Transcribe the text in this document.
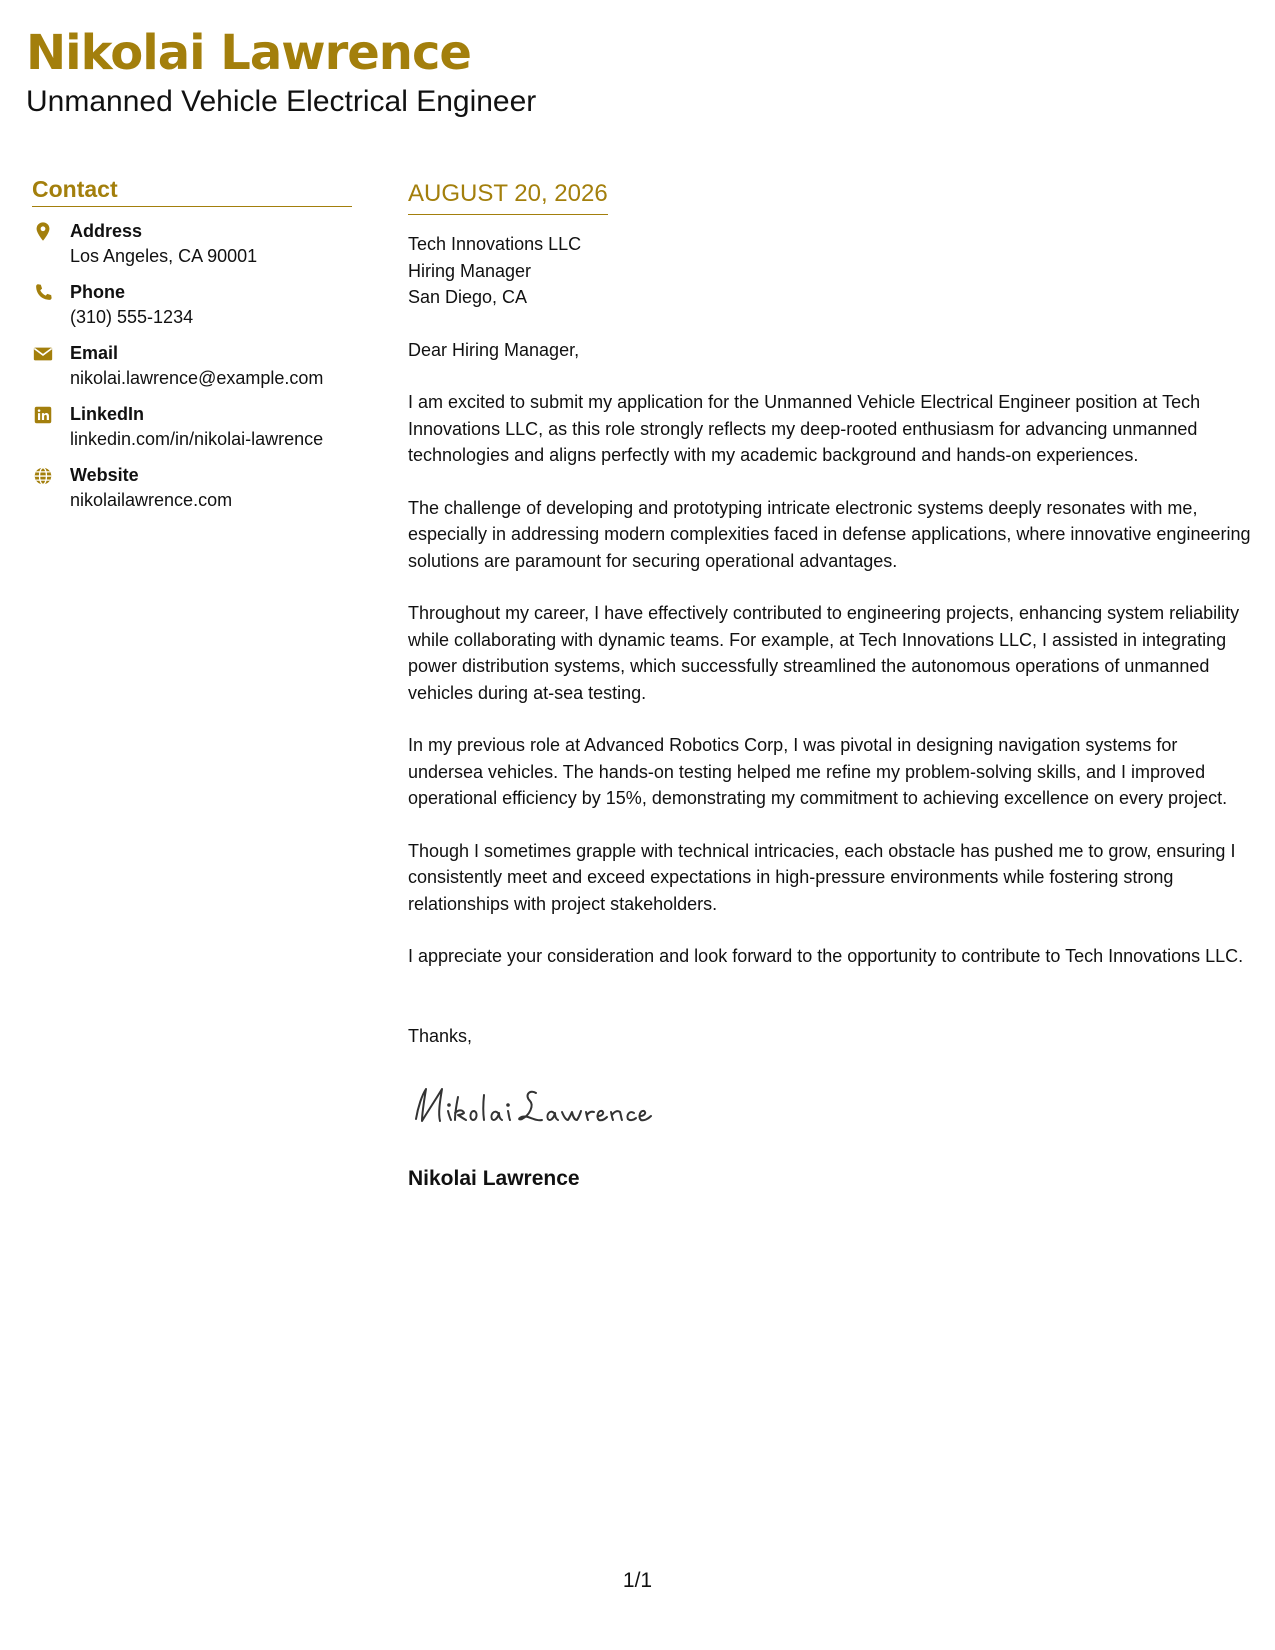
Nikolai Lawrence

Unmanned Vehicle Electrical Engineer

Contact
Address
Los Angeles, CA 90001
Phone
(310) 555-1234
Email
nikolai.lawrence@example.com
LinkedIn
linkedin.com/in/nikolai-lawrence
Website
nikolailawrence.com
AUGUST 20, 2026

Tech Innovations LLC

Hiring Manager

San Diego, CA

Dear Hiring Manager,

I am excited to submit my application for the Unmanned Vehicle Electrical Engineer position at Tech Innovations LLC, as this role strongly reflects my deep-rooted enthusiasm for advancing unmanned technologies and aligns perfectly with my academic background and hands-on experiences.

The challenge of developing and prototyping intricate electronic systems deeply resonates with me, especially in addressing modern complexities faced in defense applications, where innovative engineering solutions are paramount for securing operational advantages.

Throughout my career, I have effectively contributed to engineering projects, enhancing system reliability while collaborating with dynamic teams. For example, at Tech Innovations LLC, I assisted in integrating power distribution systems, which successfully streamlined the autonomous operations of unmanned vehicles during at-sea testing.

In my previous role at Advanced Robotics Corp, I was pivotal in designing navigation systems for undersea vehicles. The hands-on testing helped me refine my problem-solving skills, and I improved operational efficiency by 15%, demonstrating my commitment to achieving excellence on every project.

Though I sometimes grapple with technical intricacies, each obstacle has pushed me to grow, ensuring I consistently meet and exceed expectations in high-pressure environments while fostering strong relationships with project stakeholders.

I appreciate your consideration and look forward to the opportunity to contribute to Tech Innovations LLC.

Thanks,

Nikolai Lawrence
1/1
